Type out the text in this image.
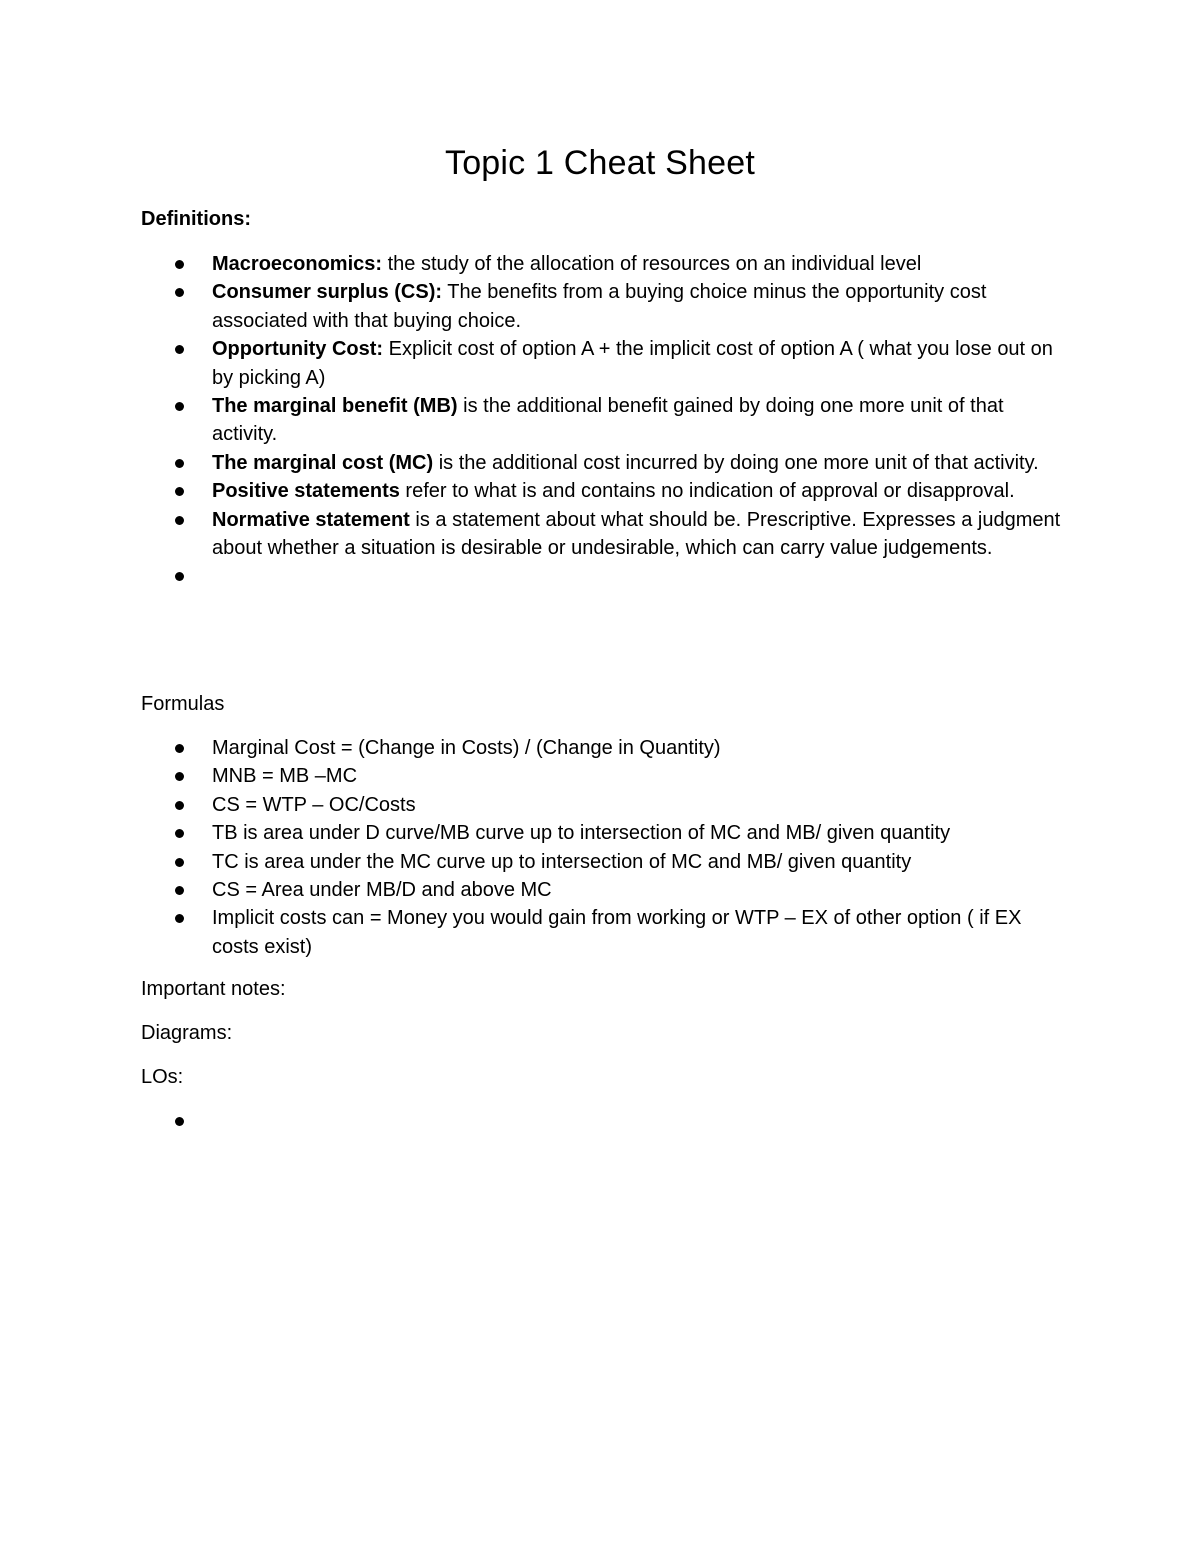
Topic 1 Cheat Sheet
Definitions:
Macroeconomics: the study of the allocation of resources on an individual level
Consumer surplus (CS): The benefits from a buying choice minus the opportunity cost associated with that buying choice.
Opportunity Cost: Explicit cost of option A + the implicit cost of option A ( what you lose out on by picking A)
The marginal benefit (MB) is the additional benefit gained by doing one more unit of that activity.
The marginal cost (MC) is the additional cost incurred by doing one more unit of that activity.
Positive statements refer to what is and contains no indication of approval or disapproval.
Normative statement is a statement about what should be. Prescriptive. Expresses a judgment about whether a situation is desirable or undesirable, which can carry value judgements.
Formulas
Marginal Cost = (Change in Costs) / (Change in Quantity)
MNB = MB –MC
CS = WTP – OC/Costs
TB is area under D curve/MB curve up to intersection of MC and MB/ given quantity
TC is area under the MC curve up to intersection of MC and MB/ given quantity
CS = Area under MB/D and above MC
Implicit costs can = Money you would gain from working or WTP – EX of other option ( if EX costs exist)
Important notes:
Diagrams:
LOs:
